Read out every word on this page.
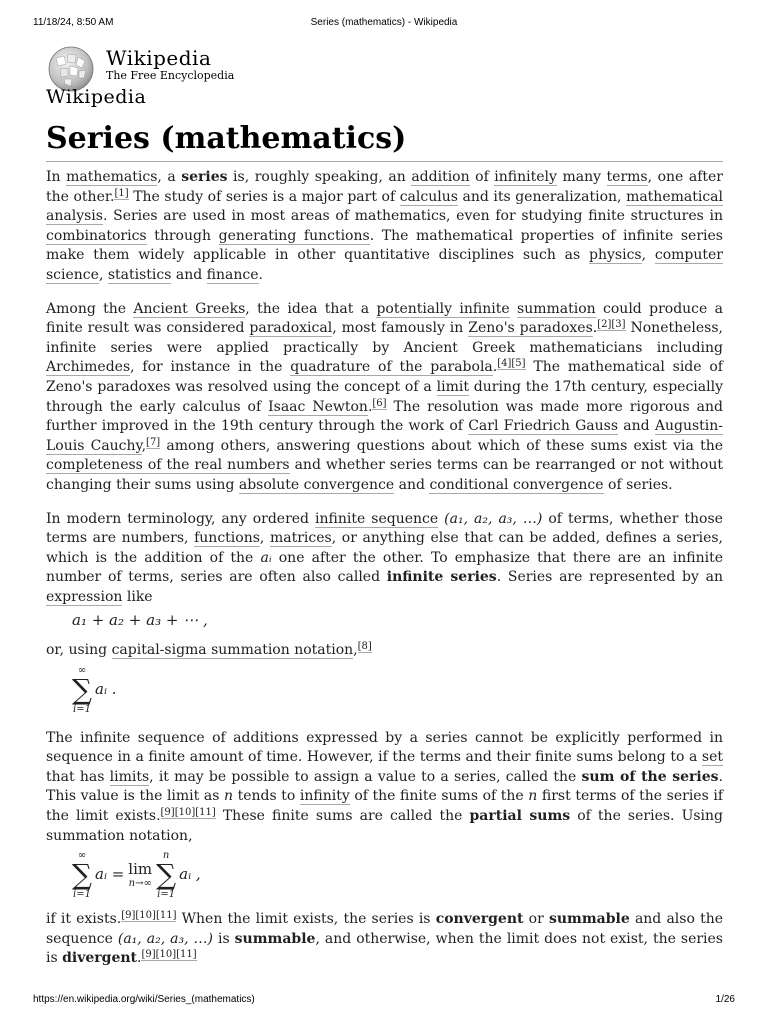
11/18/24, 8:50 AM	Series (mathematics) - Wikipedia
Wikipedia
The Free Encyclopedia
Wikipedia
Series (mathematics)

In mathematics, a series is, roughly speaking, an addition of infinitely many terms, one after the other.[1] The study of series is a major part of calculus and its generalization, mathematical analysis. Series are used in most areas of mathematics, even for studying finite structures in combinatorics through generating functions. The mathematical properties of infinite series make them widely applicable in other quantitative disciplines such as physics, computer science, statistics and finance.

Among the Ancient Greeks, the idea that a potentially infinite summation could produce a finite result was considered paradoxical, most famously in Zeno's paradoxes.[2][3] Nonetheless, infinite series were applied practically by Ancient Greek mathematicians including Archimedes, for instance in the quadrature of the parabola.[4][5] The mathematical side of Zeno's paradoxes was resolved using the concept of a limit during the 17th century, especially through the early calculus of Isaac Newton.[6] The resolution was made more rigorous and further improved in the 19th century through the work of Carl Friedrich Gauss and Augustin-Louis Cauchy,[7] among others, answering questions about which of these sums exist via the completeness of the real numbers and whether series terms can be rearranged or not without changing their sums using absolute convergence and conditional convergence of series.

In modern terminology, any ordered infinite sequence (a₁, a₂, a₃, …) of terms, whether those terms are numbers, functions, matrices, or anything else that can be added, defines a series, which is the addition of the aᵢ one after the other. To emphasize that there are an infinite number of terms, series are often also called infinite series. Series are represented by an expression like

a₁ + a₂ + a₃ + ⋯ ,

or, using capital-sigma summation notation,[8]

∞
∑
i=1
aᵢ .

The infinite sequence of additions expressed by a series cannot be explicitly performed in sequence in a finite amount of time. However, if the terms and their finite sums belong to a set that has limits, it may be possible to assign a value to a series, called the sum of the series. This value is the limit as n tends to infinity of the finite sums of the n first terms of the series if the limit exists.[9][10][11] These finite sums are called the partial sums of the series. Using summation notation,

∞
∑
i=1
aᵢ = lim
n→∞
n
∑
i=1
aᵢ ,

if it exists.[9][10][11] When the limit exists, the series is convergent or summable and also the sequence (a₁, a₂, a₃, …) is summable, and otherwise, when the limit does not exist, the series is divergent.[9][10][11]

https://en.wikipedia.org/wiki/Series_(mathematics)	1/26
